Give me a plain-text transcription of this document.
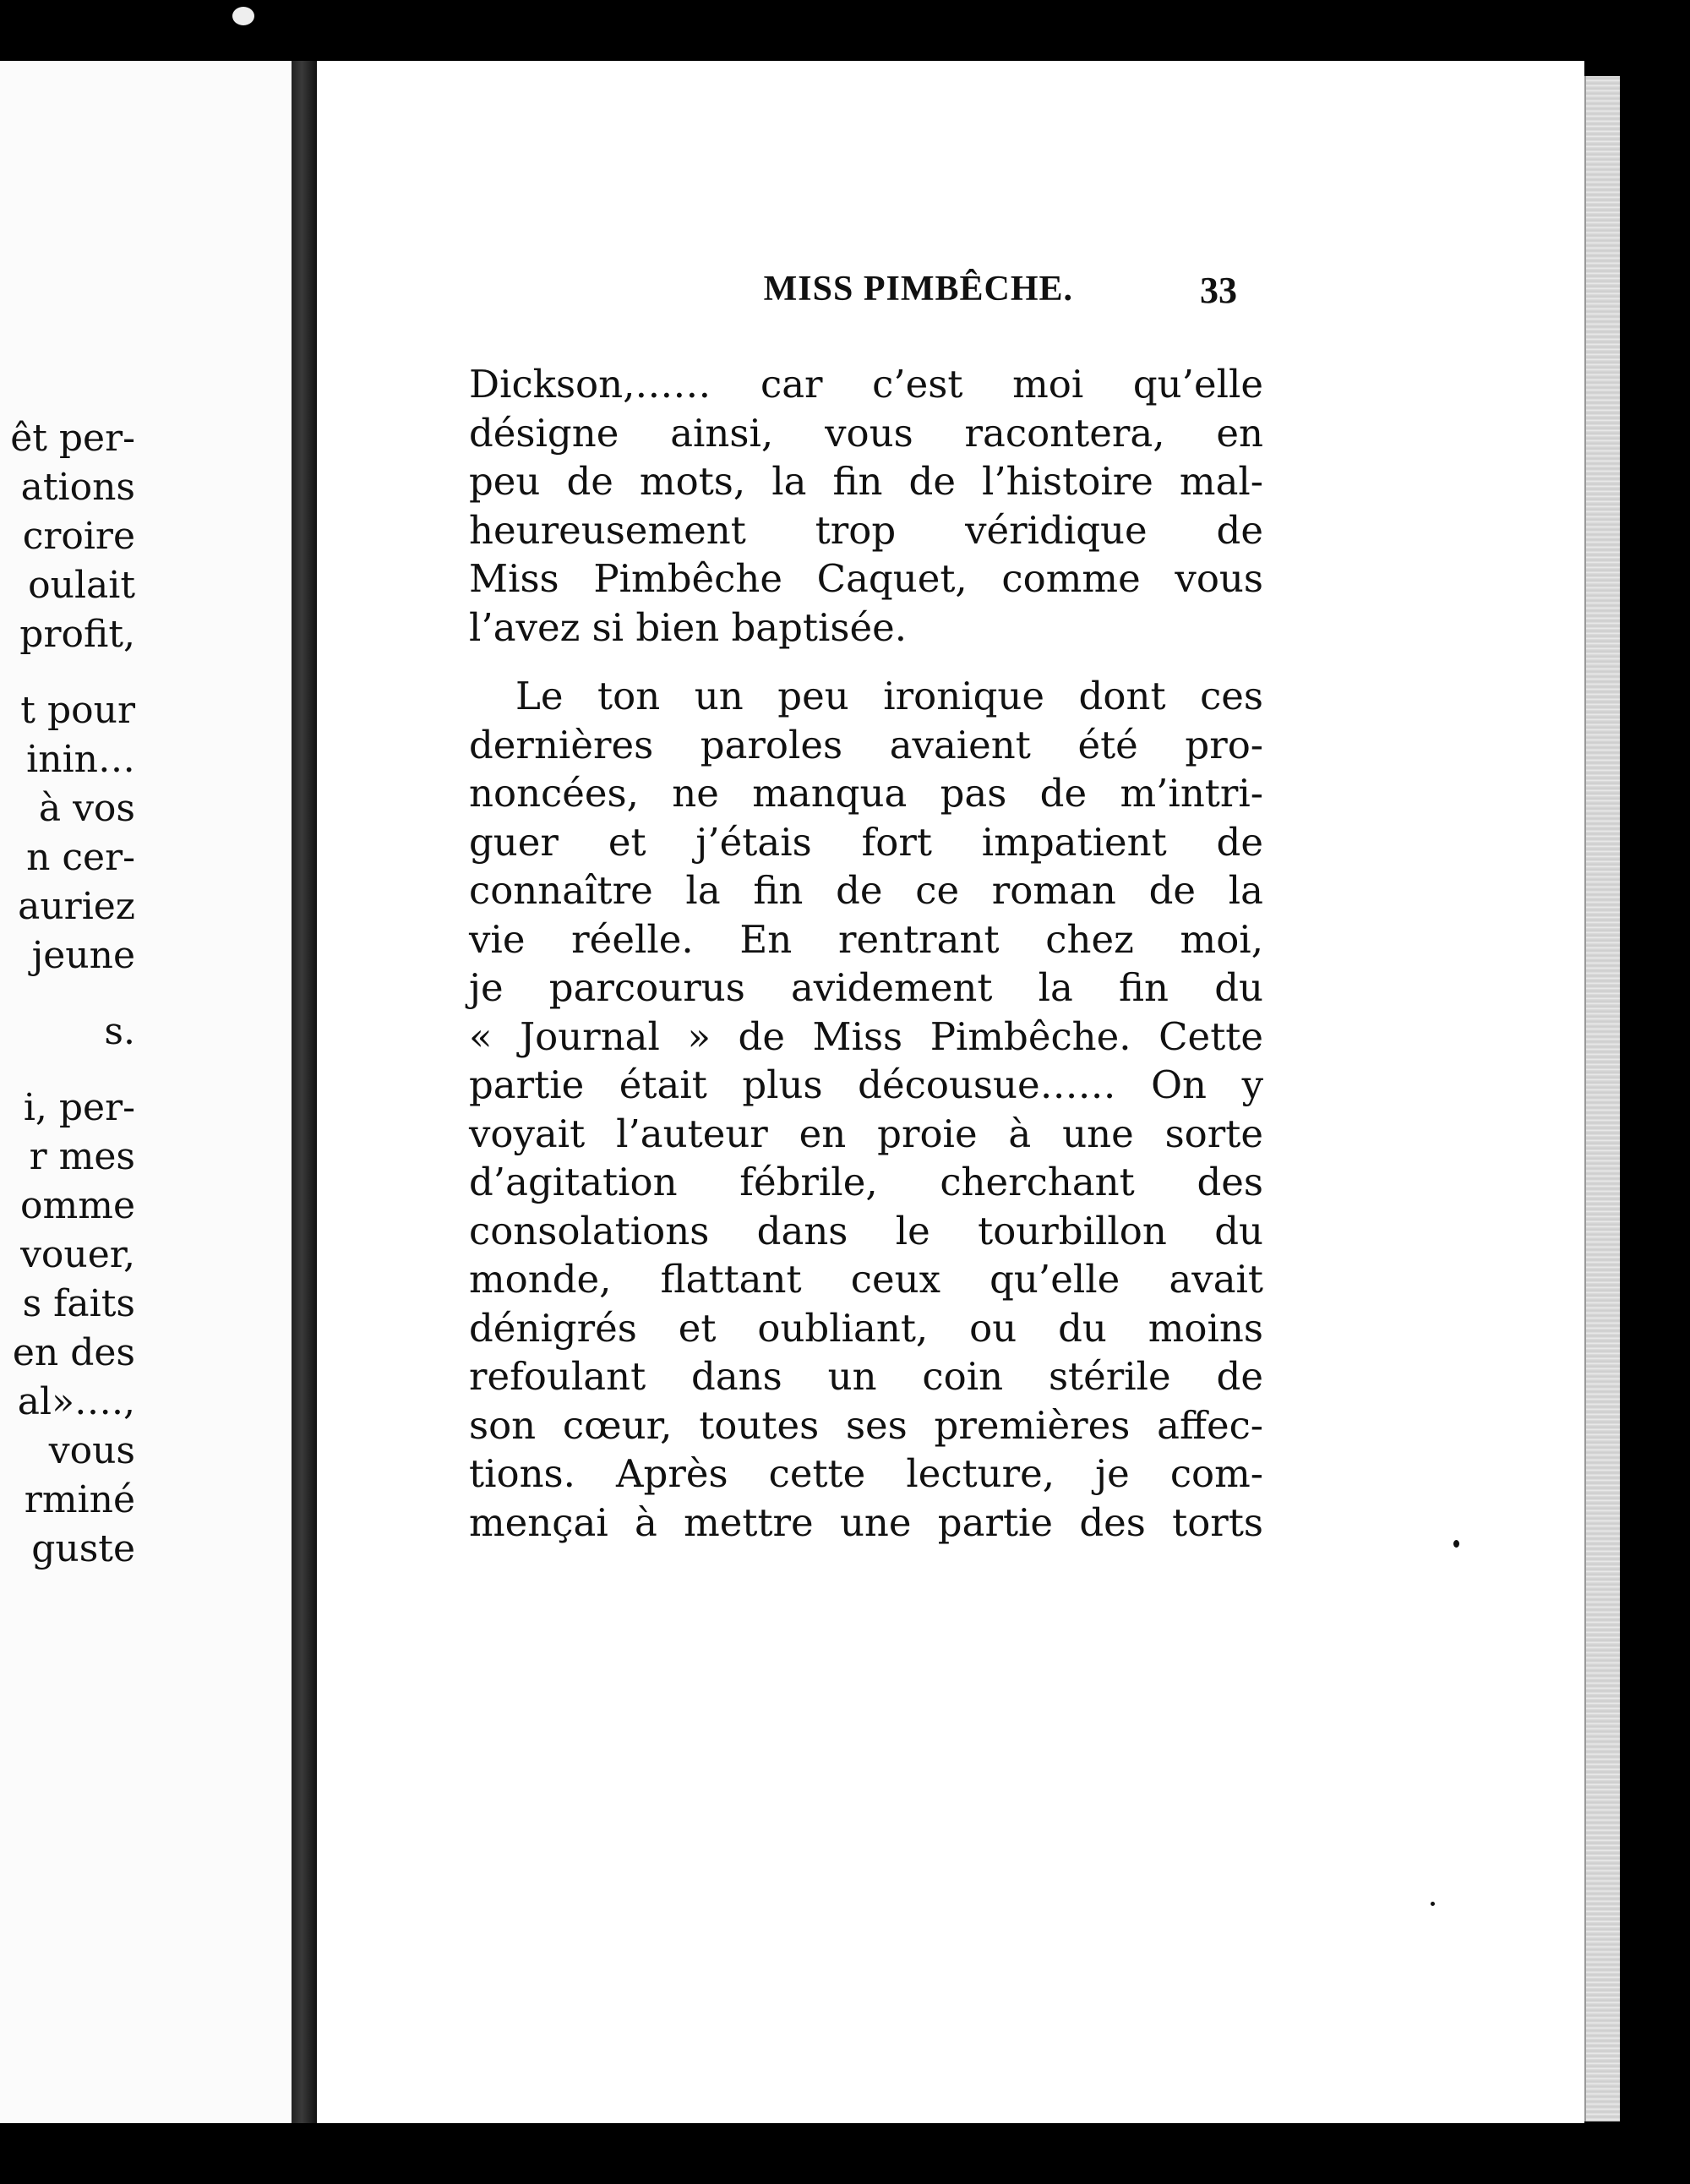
êt per-
ations
croire
oulait
profit,
t pour
inin…
à vos
n cer-
auriez
jeune
s.
i, per-
r mes
omme
vouer,
s faits
en des
al»….,
vous
rminé
guste
MISS PIMBÊCHE.	33
Dickson,…… car c’est moi qu’elle
désigne ainsi, vous racontera, en
peu de mots, la fin de l’histoire mal-
heureusement trop véridique de
Miss Pimbêche Caquet, comme vous
l’avez si bien baptisée.
Le ton un peu ironique dont ces
dernières paroles avaient été pro-
noncées, ne manqua pas de m’intri-
guer et j’étais fort impatient de
connaître la fin de ce roman de la
vie réelle. En rentrant chez moi,
je parcourus avidement la fin du
« Journal » de Miss Pimbêche. Cette
partie était plus décousue…… On y
voyait l’auteur en proie à une sorte
d’agitation fébrile, cherchant des
consolations dans le tourbillon du
monde, flattant ceux qu’elle avait
dénigrés et oubliant, ou du moins
refoulant dans un coin stérile de
son cœur, toutes ses premières affec-
tions. Après cette lecture, je com-
mençai à mettre une partie des torts
